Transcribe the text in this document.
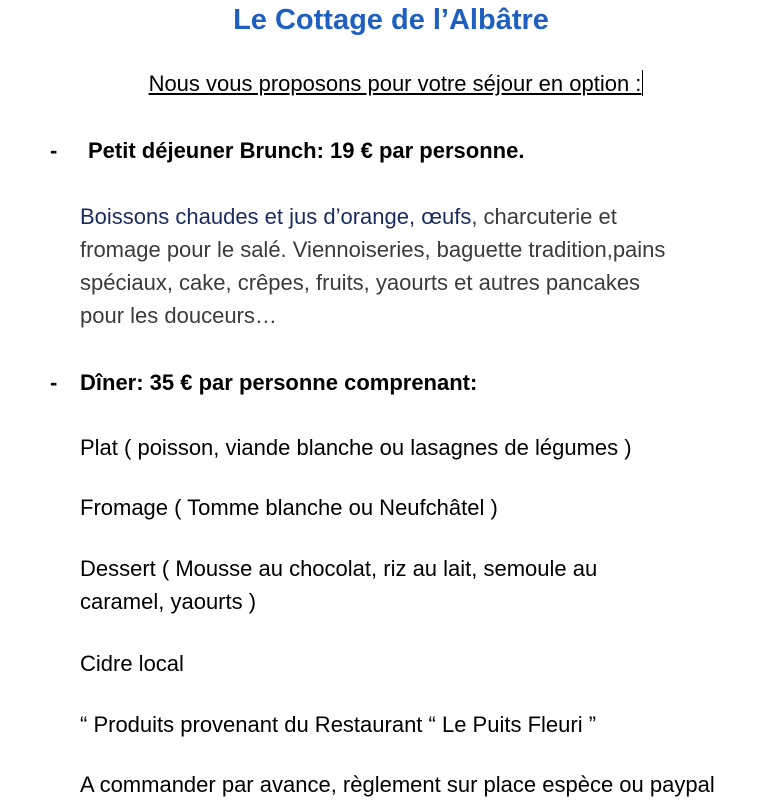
Le Cottage de l’Albâtre

Nous vous proposons pour votre séjour en option :

- Petit déjeuner Brunch: 19 € par personne.

Boissons chaudes et jus d’orange, œufs, charcuterie et
fromage pour le salé. Viennoiseries, baguette tradition,pains
spéciaux, cake, crêpes, fruits, yaourts et autres pancakes
pour les douceurs…

- Dîner: 35 € par personne comprenant:

Plat ( poisson, viande blanche ou lasagnes de légumes )

Fromage ( Tomme blanche ou Neufchâtel )

Dessert ( Mousse au chocolat, riz au lait, semoule au
caramel, yaourts )

Cidre local

“ Produits provenant du Restaurant “ Le Puits Fleuri ”

A commander par avance, règlement sur place espèce ou paypal
